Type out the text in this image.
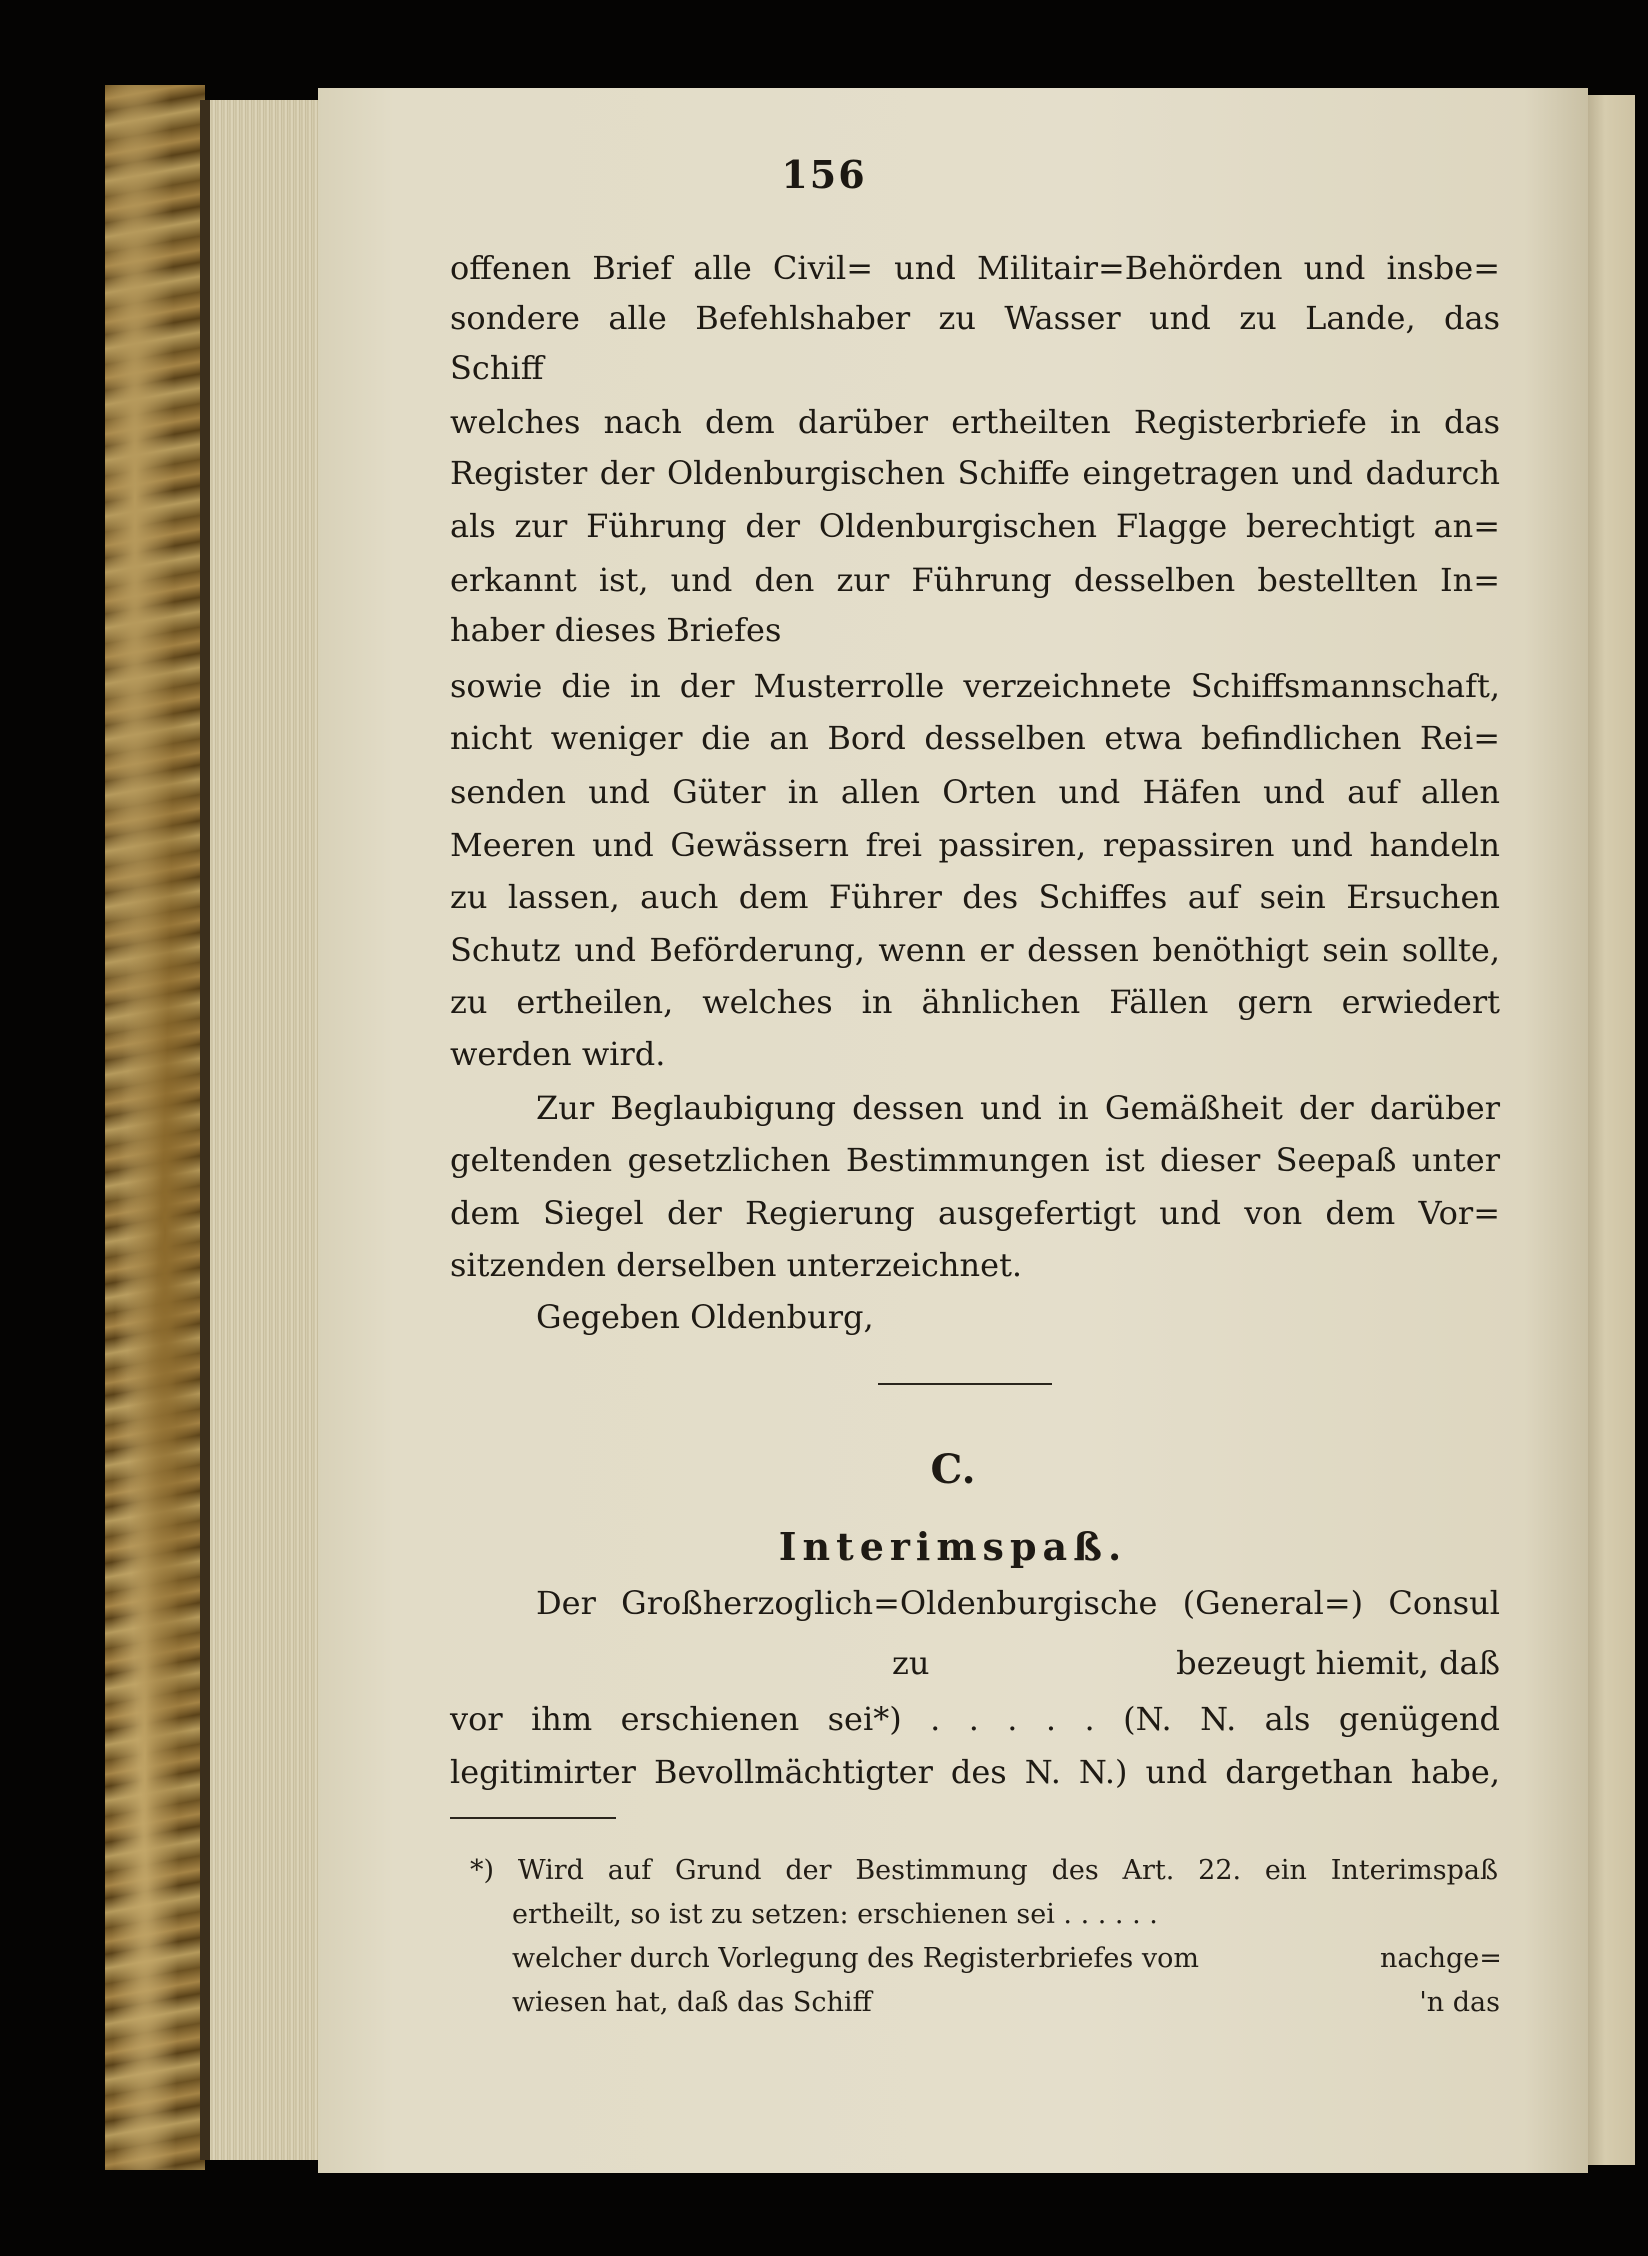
156
offenen Brief alle Civil= und Militair=Behörden und insbe=
sondere alle Befehlshaber zu Wasser und zu Lande, das
Schiff
welches nach dem darüber ertheilten Registerbriefe in das
Register der Oldenburgischen Schiffe eingetragen und dadurch
als zur Führung der Oldenburgischen Flagge berechtigt an=
erkannt ist, und den zur Führung desselben bestellten In=
haber dieses Briefes
sowie die in der Musterrolle verzeichnete Schiffsmannschaft,
nicht weniger die an Bord desselben etwa befindlichen Rei=
senden und Güter in allen Orten und Häfen und auf allen
Meeren und Gewässern frei passiren, repassiren und handeln
zu lassen, auch dem Führer des Schiffes auf sein Ersuchen
Schutz und Beförderung, wenn er dessen benöthigt sein sollte,
zu ertheilen, welches in ähnlichen Fällen gern erwiedert
werden wird.
Zur Beglaubigung dessen und in Gemäßheit der darüber
geltenden gesetzlichen Bestimmungen ist dieser Seepaß unter
dem Siegel der Regierung ausgefertigt und von dem Vor=
sitzenden derselben unterzeichnet.
Gegeben Oldenburg,
C.
Interimspaß.
Der Großherzoglich=Oldenburgische (General=) Consul
zu	bezeugt hiemit, daß
vor ihm erschienen sei*) . . . . . (N. N. als genügend
legitimirter Bevollmächtigter des N. N.) und dargethan habe,
*) Wird auf Grund der Bestimmung des Art. 22. ein Interimspaß
ertheilt, so ist zu setzen: erschienen sei . . . . . .
welcher durch Vorlegung des Registerbriefes vom	nachge=
wiesen hat, daß das Schiff	'n das
